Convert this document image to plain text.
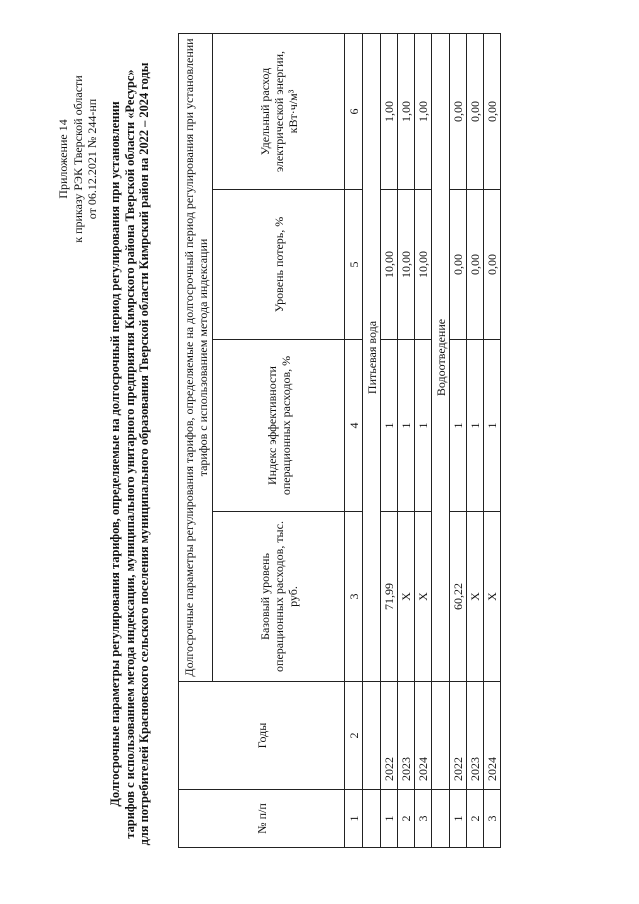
Приложение 14 к приказу РЭК Тверской области от 06.12.2021 № 244-нп Долгосрочные параметры регулирования тарифов, определяемые на долгосрочный период регулирования при установлении тарифов с использованием метода индексации, муниципального унитарного предприятия Кимрского района Тверской области «Ресурс» для потребителей Красновского сельского поселения муниципального образования Тверской области Кимрский район на 2022 – 2024 годы	№ п/п	Годы	Долгосрочные параметры регулирования тарифов, определяемые на долгосрочный период регулирования при установлении тарифов с использованием метода индексации			
		Базовый уровень операционных расходов, тыс. руб.	Индекс эффективности операционных расходов, %	Уровень потерь, %	Удельный расход электрической энергии, кВт·ч/м³
1	2	3	4	5	6
		Питьевая вода			
1	2022	71,99	1	10,00	1,00
2	2023	Х	1	10,00	1,00
3	2024	Х	1	10,00	1,00
		Водоотведение			
1	2022	60,22	1	0,00	0,00
2	2023	Х	1	0,00	0,00
3	2024	Х	1	0,00	0,00
